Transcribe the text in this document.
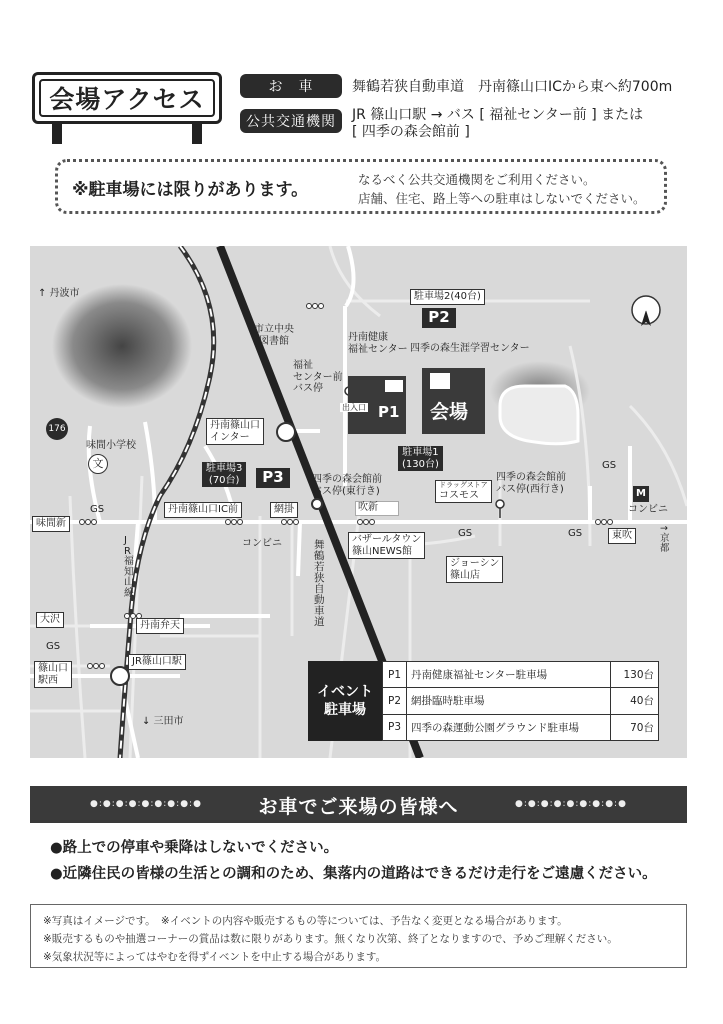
会場アクセス	お　車	舞鶴若狭自動車道　丹南篠山口ICから東へ約700m
公共交通機関	JR 篠山口駅 → バス [ 福祉センター前 ] または
[ 四季の森会館前 ]
※駐車場には限りがあります。
なるべく公共交通機関をご利用ください。
店舗、住宅、路上等への駐車はしないでください。
↑ 丹波市
176
味間小学校
文
味間新
GS
J
R
福
知
山
線
大沢
GS
篠山口
駅西
北
市立中央
図書館	丹南健康
福祉センター 四季の森生涯学習センター
福祉
センター前
バス停
出入口 P1 会場
駐車場1
(130台)
駐車場2(40台)
P2
丹南篠山口
インター
駐車場3
(70台)	P3
丹南篠山口IC前	網掛
コンビニ
四季の森会館前
バス停(東行き)
吹新
ドラッグストア
コスモス
四季の森会館前
バス停(西行き)
GS
M
コンビニ
→
京
都
GS
GS	東吹
バザールタウン
篠山NEWS館
ジョーシン
篠山店
舞
鶴
若
狭
自
動
車
道
丹南弁天
JR篠山口駅
↓ 三田市
イベント
駐車場
P1	丹南健康福祉センター駐車場	130台
P2	網掛臨時駐車場	40台
P3	四季の森運動公園グラウンド駐車場	70台
●:●:●:●:●:●:●:●:●	お車でご来場の皆様へ	●:●:●:●:●:●:●:●:●
●路上での停車や乗降はしないでください。
●近隣住民の皆様の生活との調和のため、集落内の道路はできるだけ走行をご遠慮ください。
※写真はイメージです。　※イベントの内容や販売するもの等については、予告なく変更となる場合があります。
※販売するものや抽選コーナーの賞品は数に限りがあります。無くなり次第、終了となりますので、予めご理解ください。
※気象状況等によってはやむを得ずイベントを中止する場合があります。
